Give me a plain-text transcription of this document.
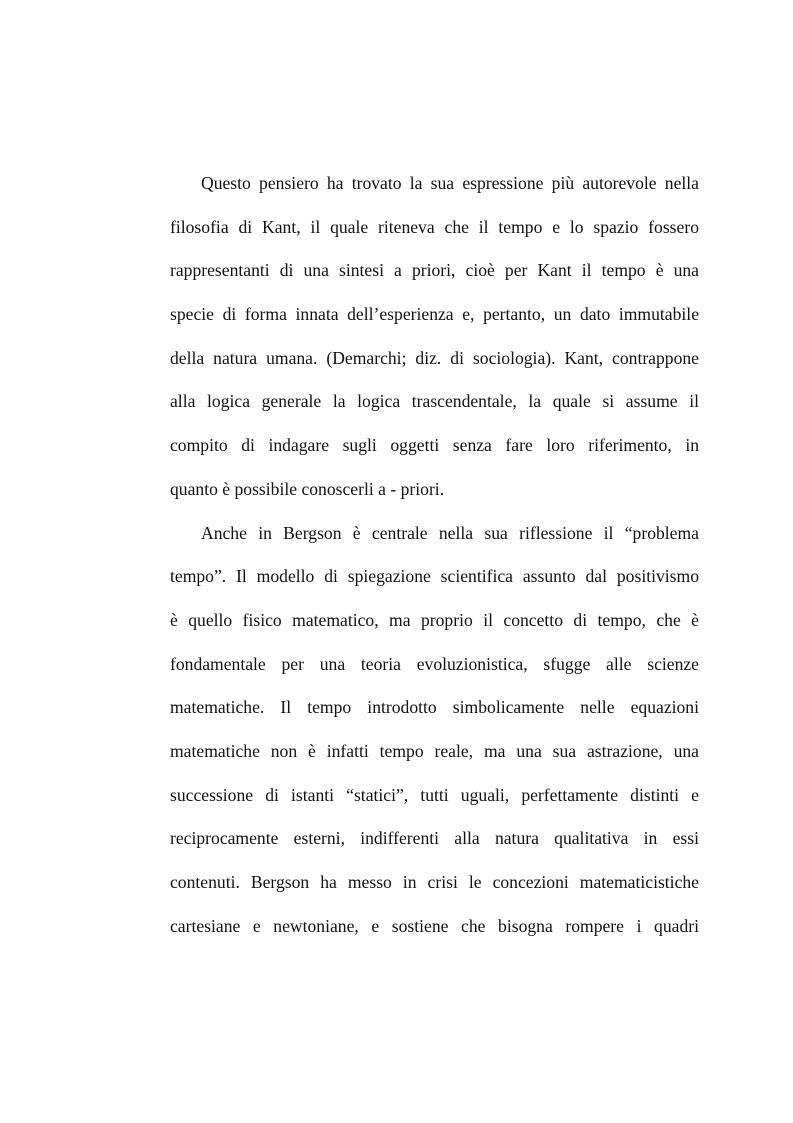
Questo pensiero ha trovato la sua espressione più autorevole nella
filosofia di Kant, il quale riteneva che il tempo e lo spazio fossero
rappresentanti di una sintesi a priori, cioè per Kant il tempo è una
specie di forma innata dell’esperienza e, pertanto, un dato immutabile
della natura umana. (Demarchi; diz. di sociologia). Kant, contrappone
alla logica generale la logica trascendentale, la quale si assume il
compito di indagare sugli oggetti senza fare loro riferimento, in
quanto è possibile conoscerli a - priori.
Anche in Bergson è centrale nella sua riflessione il “problema
tempo”. Il modello di spiegazione scientifica assunto dal positivismo
è quello fisico matematico, ma proprio il concetto di tempo, che è
fondamentale per una teoria evoluzionistica, sfugge alle scienze
matematiche. Il tempo introdotto simbolicamente nelle equazioni
matematiche non è infatti tempo reale, ma una sua astrazione, una
successione di istanti “statici”, tutti uguali, perfettamente distinti e
reciprocamente esterni, indifferenti alla natura qualitativa in essi
contenuti. Bergson ha messo in crisi le concezioni matematicistiche
cartesiane e newtoniane, e sostiene che bisogna rompere i quadri
